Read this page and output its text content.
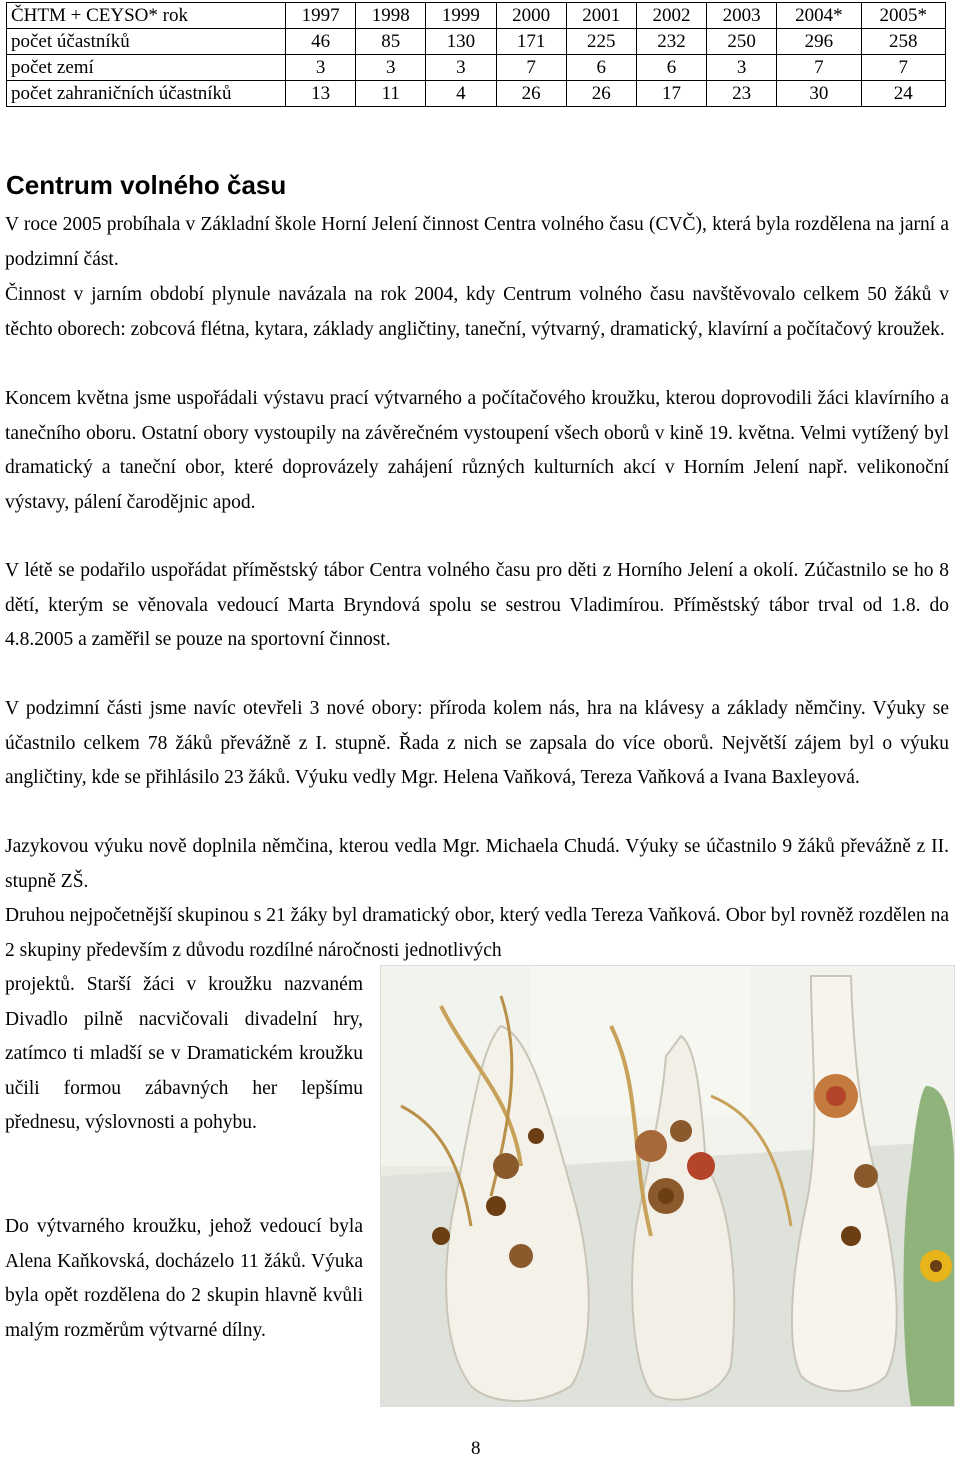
ČHTM + CEYSO* rok	1997	1998	1999	2000	2001	2002	2003	2004*	2005*
počet účastníků	46	85	130	171	225	232	250	296	258
počet zemí	3	3	3	7	6	6	3	7	7
počet zahraničních účastníků	13	11	4	26	26	17	23	30	24
Centrum volného času

V roce 2005 probíhala v Základní škole Horní Jelení činnost Centra volného času (CVČ), která byla rozdělena na jarní a podzimní část.

Činnost v jarním období plynule navázala na rok 2004, kdy Centrum volného času navštěvovalo celkem 50 žáků v těchto oborech: zobcová flétna, kytara, základy angličtiny, taneční, výtvarný, dramatický, klavírní a počítačový kroužek.

Koncem května jsme uspořádali výstavu prací výtvarného a počítačového kroužku, kterou doprovodili žáci klavírního a tanečního oboru. Ostatní obory vystoupily na závěrečném vystoupení všech oborů v kině 19. května. Velmi vytížený byl dramatický a taneční obor, které doprovázely zahájení různých kulturních akcí v Horním Jelení např. velikonoční výstavy, pálení čarodějnic apod.

V létě se podařilo uspořádat příměstský tábor Centra volného času pro děti z Horního Jelení a okolí. Zúčastnilo se ho 8 dětí, kterým se věnovala vedoucí Marta Bryndová spolu se sestrou Vladimírou. Příměstský tábor trval od 1.8. do 4.8.2005 a zaměřil se pouze na sportovní činnost.

V podzimní části jsme navíc otevřeli 3 nové obory: příroda kolem nás, hra na klávesy a základy němčiny. Výuky se účastnilo celkem 78 žáků převážně z I. stupně. Řada z nich se zapsala do více oborů. Největší zájem byl o výuku angličtiny, kde se přihlásilo 23 žáků. Výuku vedly Mgr. Helena Vaňková, Tereza Vaňková a Ivana Baxleyová.

Jazykovou výuku nově doplnila němčina, kterou vedla Mgr. Michaela Chudá. Výuky se účastnilo 9 žáků převážně z II. stupně ZŠ.

Druhou nejpočetnější skupinou s 21 žáky byl dramatický obor, který vedla Tereza Vaňková. Obor byl rovněž rozdělen na 2 skupiny především z důvodu rozdílné náročnosti jednotlivých

projektů. Starší žáci v kroužku nazvaném Divadlo pilně nacvičovali divadelní hry, zatímco ti mladší se v Dramatickém kroužku učili formou zábavných her lepšímu přednesu, výslovnosti a pohybu.

Do výtvarného kroužku, jehož vedoucí byla Alena Kaňkovská, docházelo 11 žáků. Výuka byla opět rozdělena do 2 skupin hlavně kvůli malým rozměrům výtvarné dílny.

8
